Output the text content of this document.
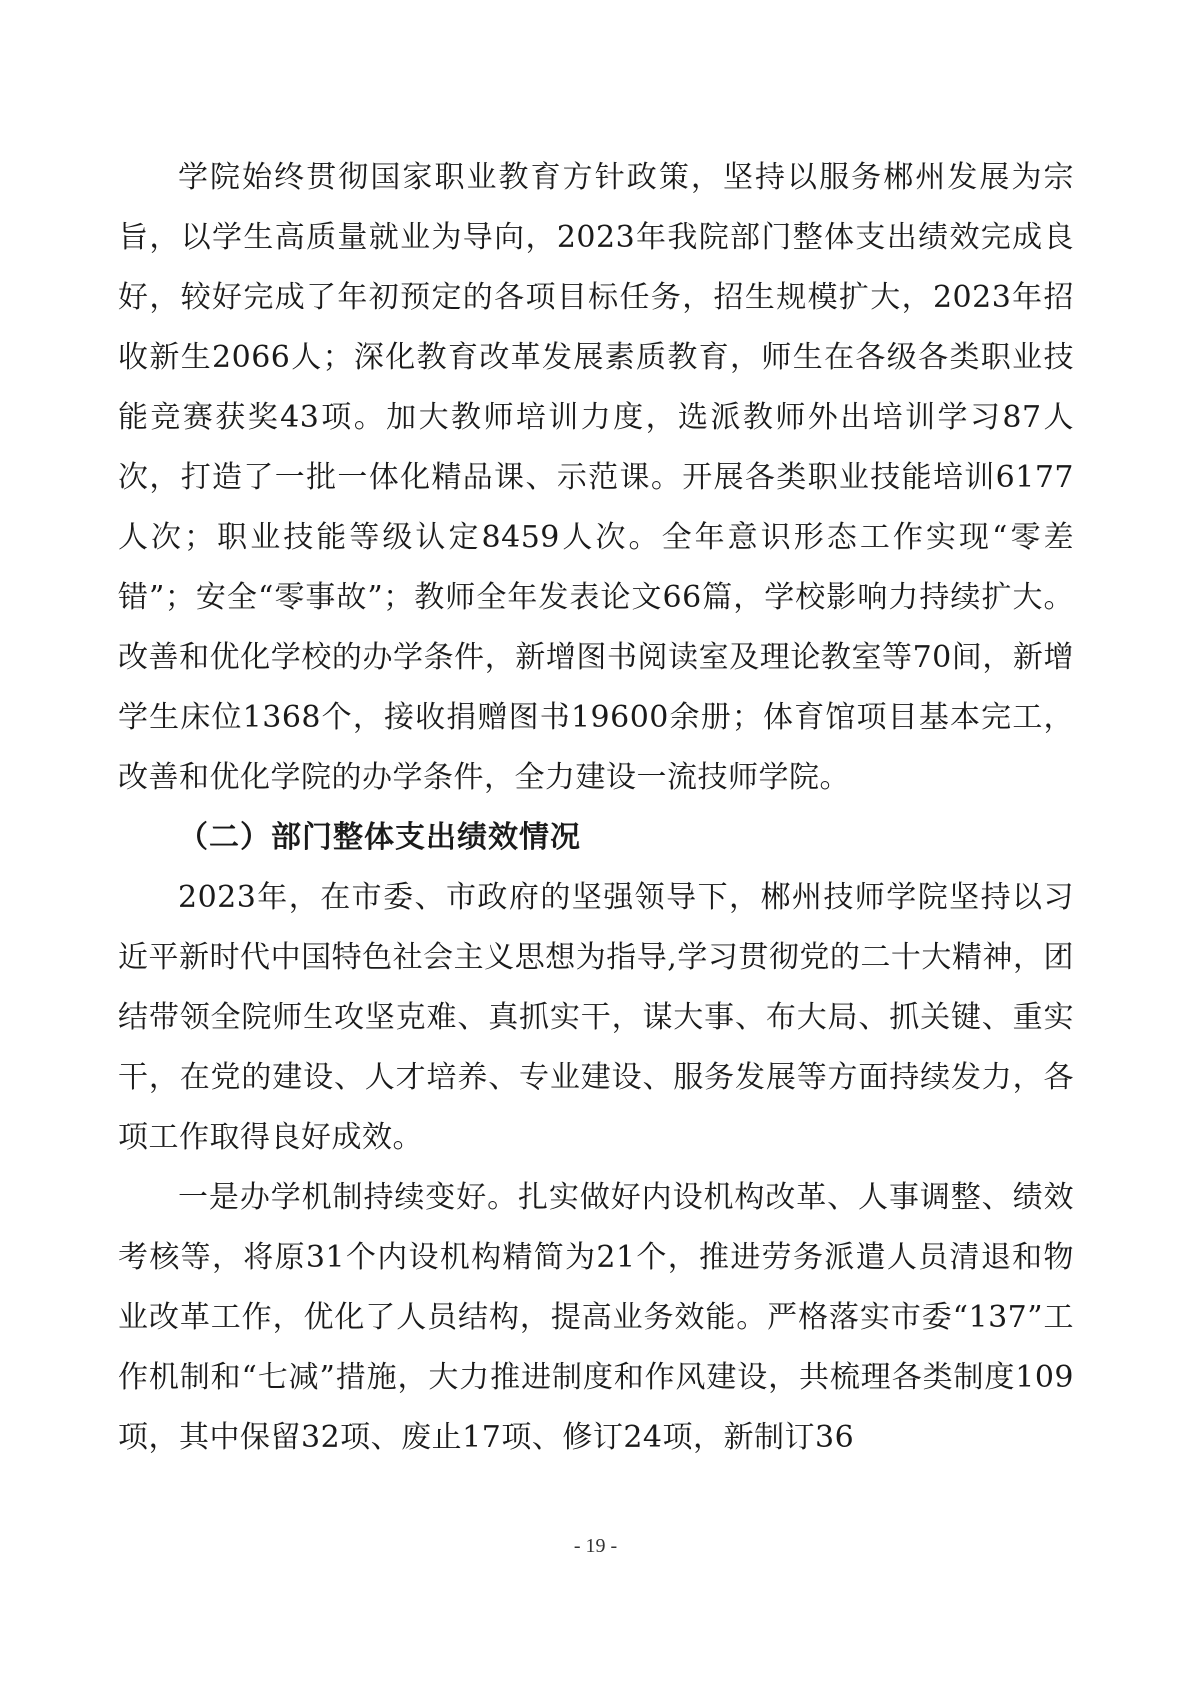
学院始终贯彻国家职业教育方针政策，坚持以服务郴州发展为宗旨，以学生高质量就业为导向，2023年我院部门整体支出绩效完成良好，较好完成了年初预定的各项目标任务，招生规模扩大，2023年招收新生2066人；深化教育改革发展素质教育，师生在各级各类职业技能竞赛获奖43项。加大教师培训力度，选派教师外出培训学习87人次，打造了一批一体化精品课、示范课。开展各类职业技能培训6177人次；职业技能等级认定8459人次。全年意识形态工作实现“零差错”；安全“零事故”；教师全年发表论文66篇，学校影响力持续扩大。改善和优化学校的办学条件，新增图书阅读室及理论教室等70间，新增学生床位1368个，接收捐赠图书19600余册；体育馆项目基本完工，改善和优化学院的办学条件，全力建设一流技师学院。

（二）部门整体支出绩效情况

2023年，在市委、市政府的坚强领导下，郴州技师学院坚持以习近平新时代中国特色社会主义思想为指导,学习贯彻党的二十大精神，团结带领全院师生攻坚克难、真抓实干，谋大事、布大局、抓关键、重实干，在党的建设、人才培养、专业建设、服务发展等方面持续发力，各项工作取得良好成效。

一是办学机制持续变好。扎实做好内设机构改革、人事调整、绩效考核等，将原31个内设机构精简为21个，推进劳务派遣人员清退和物业改革工作，优化了人员结构，提高业务效能。严格落实市委“137”工作机制和“七减”措施，大力推进制度和作风建设，共梳理各类制度109项，其中保留32项、废止17项、修订24项，新制订36

- 19 -
